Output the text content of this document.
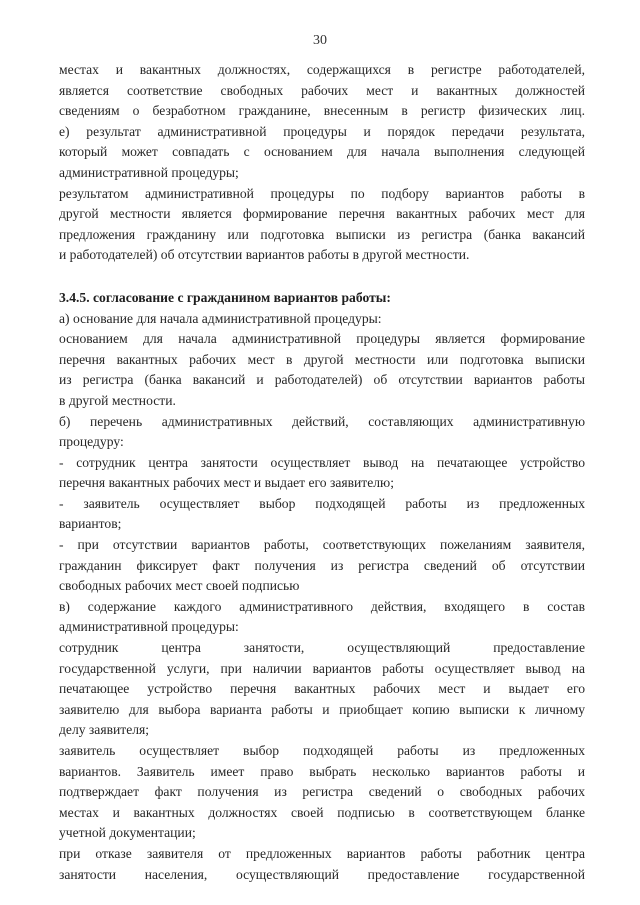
30
местах и вакантных должностях, содержащихся в регистре работодателей,
является соответствие свободных рабочих мест и вакантных должностей
сведениям о безработном гражданине, внесенным в регистр физических лиц.
е) результат административной процедуры и порядок передачи результата,
который может совпадать с основанием для начала выполнения следующей
административной процедуры;
результатом административной процедуры по подбору вариантов работы в
другой местности является формирование перечня вакантных рабочих мест для
предложения гражданину или подготовка выписки из регистра (банка вакансий
и работодателей) об отсутствии вариантов работы в другой местности.
3.4.5. согласование с гражданином вариантов работы:
а) основание для начала административной процедуры:
основанием для начала административной процедуры является формирование
перечня вакантных рабочих мест в другой местности или подготовка выписки
из регистра (банка вакансий и работодателей) об отсутствии вариантов работы
в другой местности.
б) перечень административных действий, составляющих административную
процедуру:
- сотрудник центра занятости осуществляет вывод на печатающее устройство
перечня вакантных рабочих мест и выдает его заявителю;
- заявитель осуществляет выбор подходящей работы из предложенных
вариантов;
- при отсутствии вариантов работы, соответствующих пожеланиям заявителя,
гражданин фиксирует факт получения из регистра сведений об отсутствии
свободных рабочих мест своей подписью
в) содержание каждого административного действия, входящего в состав
административной процедуры:
сотрудник центра занятости, осуществляющий предоставление
государственной услуги, при наличии вариантов работы осуществляет вывод на
печатающее устройство перечня вакантных рабочих мест и выдает его
заявителю для выбора варианта работы и приобщает копию выписки к личному
делу заявителя;
заявитель осуществляет выбор подходящей работы из предложенных
вариантов. Заявитель имеет право выбрать несколько вариантов работы и
подтверждает факт получения из регистра сведений о свободных рабочих
местах и вакантных должностях своей подписью в соответствующем бланке
учетной документации;
при отказе заявителя от предложенных вариантов работы работник центра
занятости населения, осуществляющий предоставление государственной
